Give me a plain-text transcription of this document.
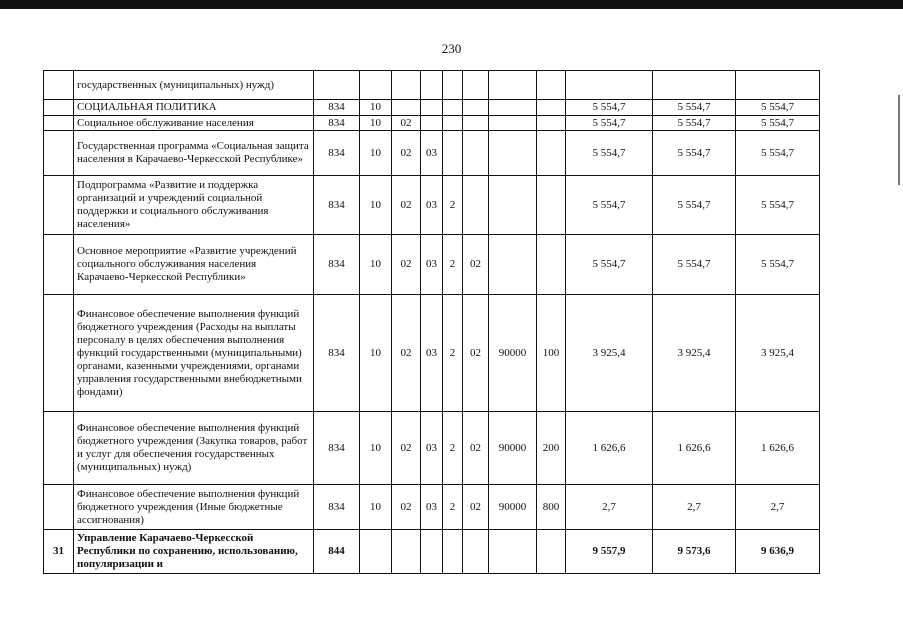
230
	государственных (муниципальных) нужд)											
	СОЦИАЛЬНАЯ ПОЛИТИКА	834	10							5 554,7	5 554,7	5 554,7
	Социальное обслуживание населения	834	10	02						5 554,7	5 554,7	5 554,7
	Государственная программа «Социальная защита населения в Карачаево-Черкесской Республике»	834	10	02	03					5 554,7	5 554,7	5 554,7
	Подпрограмма «Развитие и поддержка организаций и учреждений социальной поддержки и социального обслуживания населения»	834	10	02	03	2				5 554,7	5 554,7	5 554,7
	Основное мероприятие «Развитие учреждений социального обслуживания населения Карачаево-Черкесской Республики»	834	10	02	03	2	02			5 554,7	5 554,7	5 554,7
	Финансовое обеспечение выполнения функций бюджетного учреждения (Расходы на выплаты персоналу в целях обеспечения выполнения функций государственными (муниципальными) органами, казенными учреждениями, органами управления государственными внебюджетными фондами)	834	10	02	03	2	02	90000	100	3 925,4	3 925,4	3 925,4
	Финансовое обеспечение выполнения функций бюджетного учреждения (Закупка товаров, работ и услуг для обеспечения государственных (муниципальных) нужд)	834	10	02	03	2	02	90000	200	1 626,6	1 626,6	1 626,6
	Финансовое обеспечение выполнения функций бюджетного учреждения (Иные бюджетные ассигнования)	834	10	02	03	2	02	90000	800	2,7	2,7	2,7
31	Управление Карачаево-Черкесской Республики по сохранению, использованию, популяризации и	844								9 557,9	9 573,6	9 636,9
